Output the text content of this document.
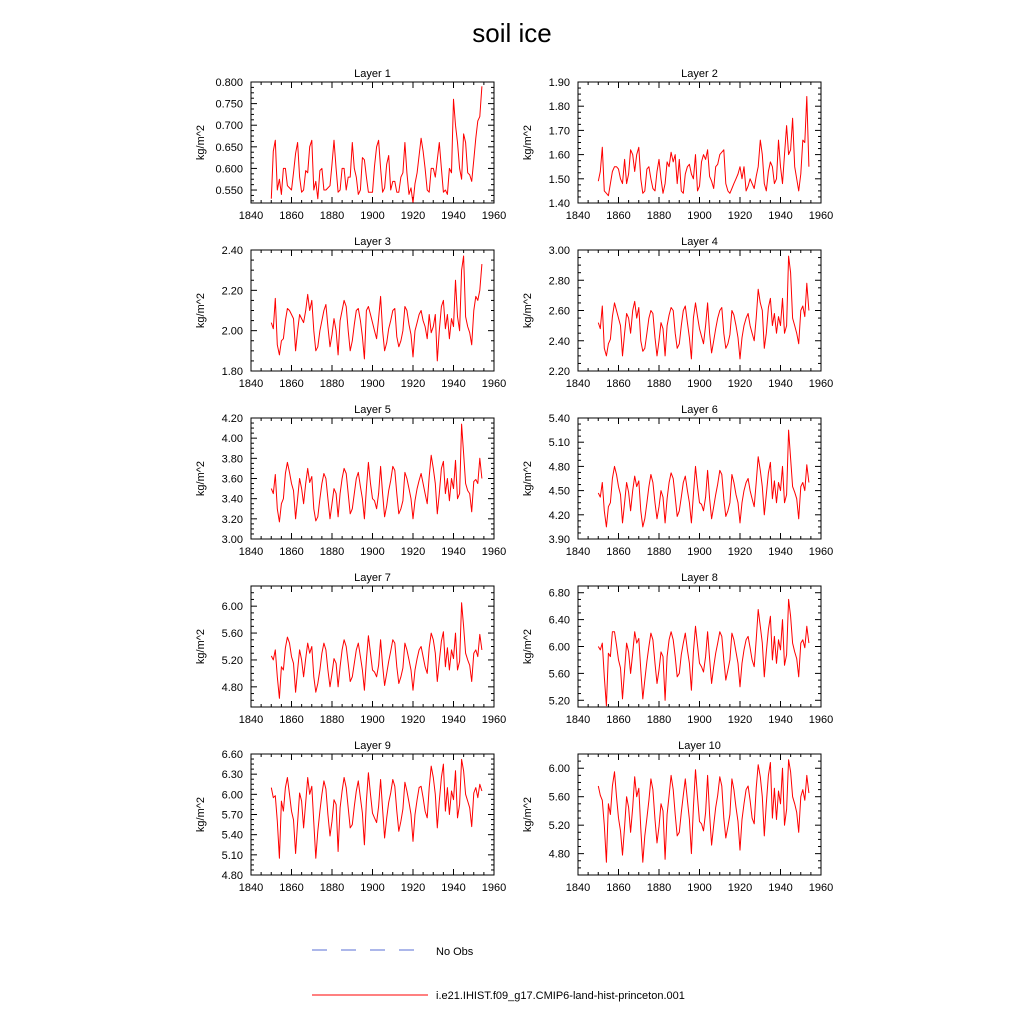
soil ice
Layer 1
1840 1860 1880 1900 1920 1940 1960
0.550
0.600
0.650
0.700
0.750
0.800
kg/m^2
Layer 2
1840 1860 1880 1900 1920 1940 1960
1.40
1.50
1.60
1.70
1.80
1.90
kg/m^2
Layer 3
1840 1860 1880 1900 1920 1940 1960
1.80
2.00
2.20
2.40
kg/m^2
Layer 4
1840 1860 1880 1900 1920 1940 1960
2.20
2.40
2.60
2.80
3.00
kg/m^2
Layer 5
1840 1860 1880 1900 1920 1940 1960
3.00
3.20
3.40
3.60
3.80
4.00
4.20
kg/m^2
Layer 6
1840 1860 1880 1900 1920 1940 1960
3.90
4.20
4.50
4.80
5.10
5.40
kg/m^2
Layer 7
1840 1860 1880 1900 1920 1940 1960
4.80
5.20
5.60
6.00
kg/m^2
Layer 8
1840 1860 1880 1900 1920 1940 1960
5.20
5.60
6.00
6.40
6.80
kg/m^2
Layer 9
1840 1860 1880 1900 1920 1940 1960
4.80
5.10
5.40
5.70
6.00
6.30
6.60
kg/m^2
Layer 10
1840 1860 1880 1900 1920 1940 1960
4.80
5.20
5.60
6.00
kg/m^2
No Obs
i.e21.IHIST.f09_g17.CMIP6-land-hist-princeton.001
